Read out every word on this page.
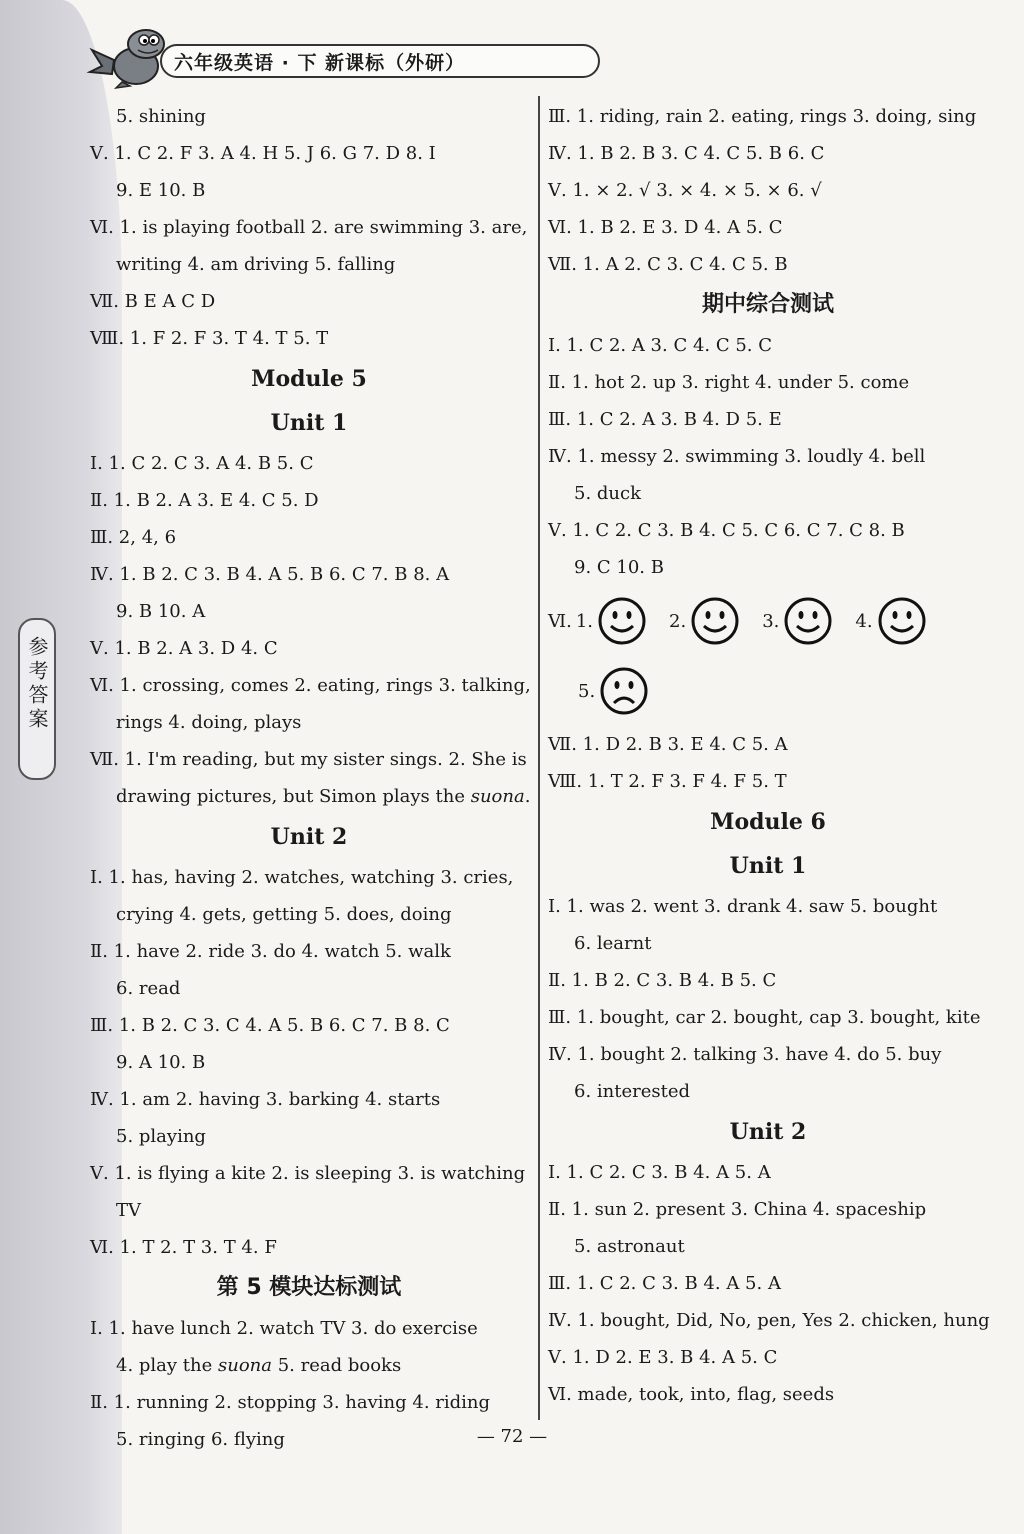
六年级英语 · 下 新课标（外研）
参考答案
5. shining
Ⅴ. 1. C 2. F 3. A 4. H 5. J 6. G 7. D 8. I
9. E 10. B
Ⅵ. 1. is playing football 2. are swimming 3. are,
writing 4. am driving 5. falling
Ⅶ. B E A C D
Ⅷ. 1. F 2. F 3. T 4. T 5. T
Module 5
Unit 1
Ⅰ. 1. C 2. C 3. A 4. B 5. C
Ⅱ. 1. B 2. A 3. E 4. C 5. D
Ⅲ. 2, 4, 6
Ⅳ. 1. B 2. C 3. B 4. A 5. B 6. C 7. B 8. A
9. B 10. A
Ⅴ. 1. B 2. A 3. D 4. C
Ⅵ. 1. crossing, comes 2. eating, rings 3. talking,
rings 4. doing, plays
Ⅶ. 1. I'm reading, but my sister sings. 2. She is
drawing pictures, but Simon plays the suona.
Unit 2
Ⅰ. 1. has, having 2. watches, watching 3. cries,
crying 4. gets, getting 5. does, doing
Ⅱ. 1. have 2. ride 3. do 4. watch 5. walk
6. read
Ⅲ. 1. B 2. C 3. C 4. A 5. B 6. C 7. B 8. C
9. A 10. B
Ⅳ. 1. am 2. having 3. barking 4. starts
5. playing
Ⅴ. 1. is flying a kite 2. is sleeping 3. is watching
TV
Ⅵ. 1. T 2. T 3. T 4. F
第 5 模块达标测试
Ⅰ. 1. have lunch 2. watch TV 3. do exercise
4. play the suona 5. read books
Ⅱ. 1. running 2. stopping 3. having 4. riding
5. ringing 6. flying
Ⅲ. 1. riding, rain 2. eating, rings 3. doing, sing
Ⅳ. 1. B 2. B 3. C 4. C 5. B 6. C
Ⅴ. 1. × 2. √ 3. × 4. × 5. × 6. √
Ⅵ. 1. B 2. E 3. D 4. A 5. C
Ⅶ. 1. A 2. C 3. C 4. C 5. B
期中综合测试
Ⅰ. 1. C 2. A 3. C 4. C 5. C
Ⅱ. 1. hot 2. up 3. right 4. under 5. come
Ⅲ. 1. C 2. A 3. B 4. D 5. E
Ⅳ. 1. messy 2. swimming 3. loudly 4. bell
5. duck
Ⅴ. 1. C 2. C 3. B 4. C 5. C 6. C 7. C 8. B
9. C 10. B
Ⅵ. 1.	2.	3.	4.
5.
Ⅶ. 1. D 2. B 3. E 4. C 5. A
Ⅷ. 1. T 2. F 3. F 4. F 5. T
Module 6
Unit 1
Ⅰ. 1. was 2. went 3. drank 4. saw 5. bought
6. learnt
Ⅱ. 1. B 2. C 3. B 4. B 5. C
Ⅲ. 1. bought, car 2. bought, cap 3. bought, kite
Ⅳ. 1. bought 2. talking 3. have 4. do 5. buy
6. interested
Unit 2
Ⅰ. 1. C 2. C 3. B 4. A 5. A
Ⅱ. 1. sun 2. present 3. China 4. spaceship
5. astronaut
Ⅲ. 1. C 2. C 3. B 4. A 5. A
Ⅳ. 1. bought, Did, No, pen, Yes 2. chicken, hung
Ⅴ. 1. D 2. E 3. B 4. A 5. C
Ⅵ. made, took, into, flag, seeds
— 72 —
